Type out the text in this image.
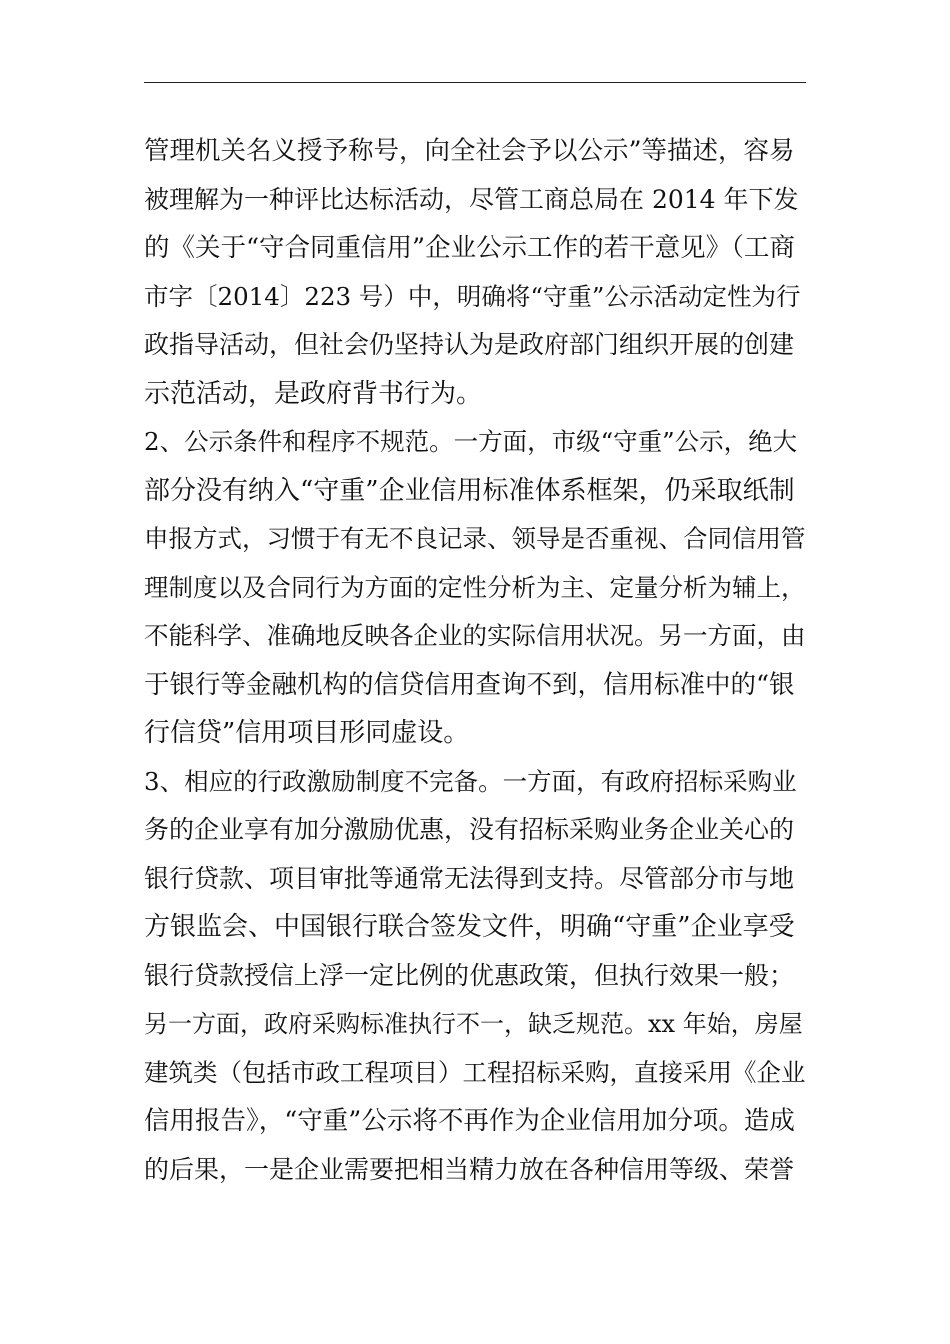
管理机关名义授予称号，向全社会予以公示”等描述，容易
被理解为一种评比达标活动，尽管工商总局在 2014 年下发
的《关于“守合同重信用”企业公示工作的若干意见》（工商
市字〔2014〕223 号）中，明确将“守重”公示活动定性为行
政指导活动，但社会仍坚持认为是政府部门组织开展的创建
示范活动，是政府背书行为。
2、公示条件和程序不规范。一方面，市级“守重”公示，绝大
部分没有纳入“守重”企业信用标准体系框架，仍采取纸制
申报方式，习惯于有无不良记录、领导是否重视、合同信用管
理制度以及合同行为方面的定性分析为主、定量分析为辅上，
不能科学、准确地反映各企业的实际信用状况。另一方面，由
于银行等金融机构的信贷信用查询不到，信用标准中的“银
行信贷”信用项目形同虚设。
3、相应的行政激励制度不完备。一方面，有政府招标采购业
务的企业享有加分激励优惠，没有招标采购业务企业关心的
银行贷款、项目审批等通常无法得到支持。尽管部分市与地
方银监会、中国银行联合签发文件，明确“守重”企业享受
银行贷款授信上浮一定比例的优惠政策，但执行效果一般；
另一方面，政府采购标准执行不一，缺乏规范。xx 年始，房屋
建筑类（包括市政工程项目）工程招标采购，直接采用《企业
信用报告》，“守重”公示将不再作为企业信用加分项。造成
的后果，一是企业需要把相当精力放在各种信用等级、荣誉
